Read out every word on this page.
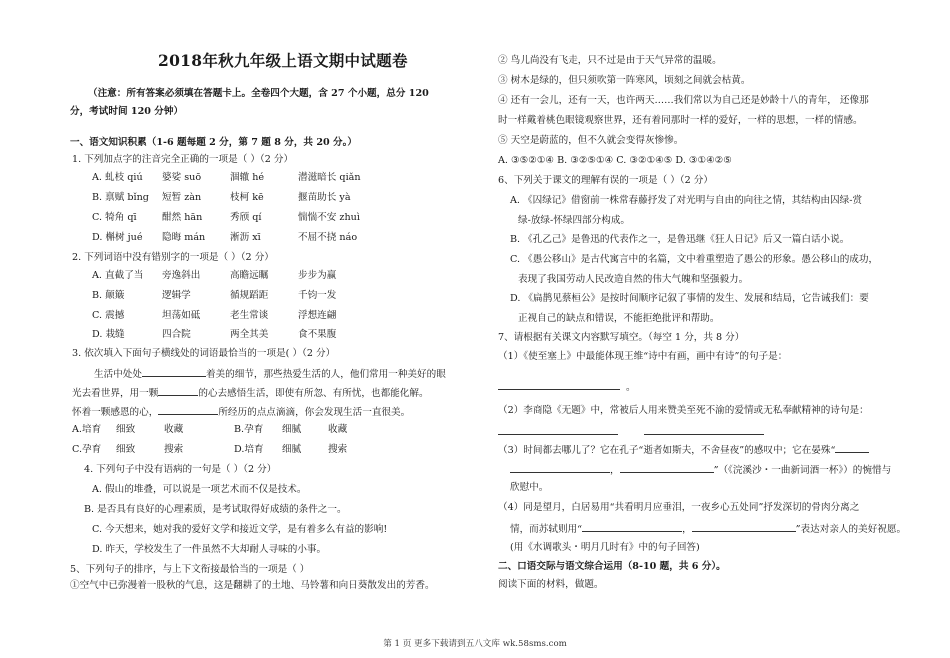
2018年秋九年级上语文期中试题卷
（注意：所有答案必须填在答题卡上。全卷四个大题，含 27 个小题，总分 120
分，考试时间 120 分钟）
一、语文知识积累（1-6 题每题 2 分，第 7 题 8 分，共 20 分。）
1. 下列加点字的注音完全正确的一项是（ ）（2 分）
A. 虬枝 qiú 婆娑 suō	涸辙 hé	潜滋暗长 qiǎn
B. 禀赋 bǐng 短暂 zàn	枝柯 kē	揠苗助长 yà
C. 犄角 qī	酣然 hān	秀颀 qí	惴惴不安 zhuì
D. 槲树 jué 隐晦 mán	淅沥 xī	不屈不挠 náo
2. 下列词语中没有错别字的一项是（ ）（2 分）
A. 直截了当 旁逸斜出	高瞻远瞩	步步为赢
B. 颠簸	逻辑学	循规蹈距	千钧一发
C. 震撼	坦荡如砥	老生常谈	浮想连翩
D. 栽缝	四合院	两全其美	食不果腹
3. 依次填入下面句子横线处的词语最恰当的一项是( ）（2 分）
生活中处处	着美的细节，那些热爱生活的人，他们常用一种美好的眼
光去看世界，用一颗	的心去感悟生活，即使有所忽、有所忧，也都能化解。
怀着一颗感恩的心，	所经历的点点滴滴，你会发现生活一直很美。
A.培育 细致	收藏	B.孕育 细腻	收藏
C.孕育 细致	搜索	D.培育 细腻	搜索
4. 下列句子中没有语病的一句是（ ）（2 分）
A. 假山的堆叠，可以说是一项艺术而不仅是技术。
B. 是否具有良好的心理素质，是考试取得好成绩的条件之一。
C. 今天想来，她对我的爱好文学和接近文学，是有着多么有益的影响!
D. 昨天，学校发生了一件虽然不大却耐人寻味的小事。
5、下列句子的排序，与上下文衔接最恰当的一项是（ ）
①空气中已弥漫着一股秋的气息，这是翻耕了的土地、马铃薯和向日葵散发出的芳香。
② 鸟儿尚没有飞走，只不过是由于天气异常的温暖。
③ 树木是绿的，但只须吹第一阵寒风，顷刻之间就会枯黄。
④ 还有一会儿，还有一天，也许两天……我们常以为自己还是妙龄十八的青年， 还像那
时一样戴着桃色眼镜观察世界，还有着同那时一样的爱好，一样的思想，一样的情感。
⑤ 天空是蔚蓝的，但不久就会变得灰惨惨。
A. ③⑤②①④ B. ③②⑤①④ C. ③②①④⑤ D. ③①④②⑤
6、下列关于课文的理解有误的一项是（ ）（2 分）
A. 《囚绿记》借窗前一株常春藤抒发了对光明与自由的向往之情，其结构由囚绿-赏
绿-放绿-怀绿四部分构成。
B. 《孔乙己》是鲁迅的代表作之一，是鲁迅继《狂人日记》后又一篇白话小说。
C. 《愚公移山》是古代寓言中的名篇，文中着重塑造了愚公的形象。愚公移山的成功，
表现了我国劳动人民改造自然的伟大气魄和坚强毅力。
D. 《扁鹊见蔡桓公》是按时间顺序记叙了事情的发生、发展和结局，它告诫我们：要
正视自己的缺点和错误，不能拒绝批评和帮助。
7、请根据有关课文内容默写填空。（每空 1 分，共 8 分）
（1）《使至塞上》中最能体现王维“诗中有画，画中有诗”的句子是：
。
（2）李商隐《无题》中，常被后人用来赞美至死不渝的爱情或无私奉献精神的诗句是：
（3）时间都去哪儿了？它在孔子“逝者如斯夫，不舍昼夜”的感叹中；它在晏殊“
，	”（《浣溪沙・一曲新词酒一杯》）的惋惜与
欣慰中。
（4）同是望月，白居易用“共看明月应垂泪，一夜乡心五处同”抒发深切的骨肉分离之
情，而苏轼则用“	，	”表达对亲人的美好祝愿。
(用《水调歌头・明月几时有》中的句子回答)
二、口语交际与语文综合运用（8-10 题，共 6 分）。
阅读下面的材料，做题。
第 1 页 更多下载请到五八文库 wk.58sms.com
